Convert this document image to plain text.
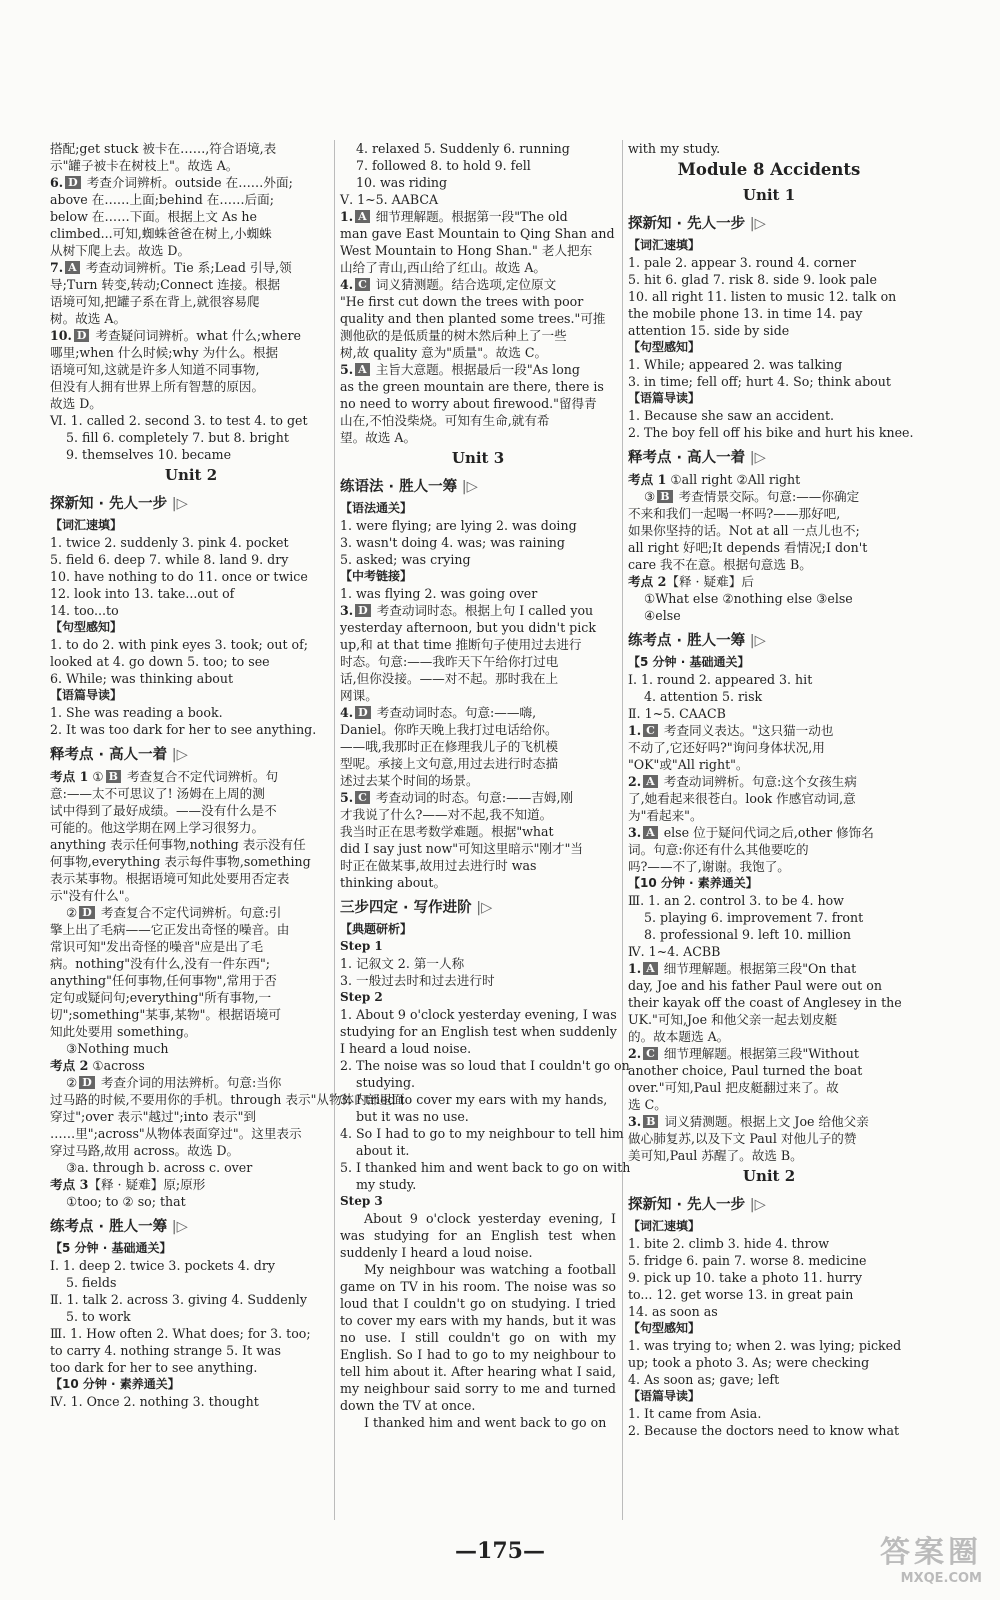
搭配;get stuck 被卡在……,符合语境,表
示"罐子被卡在树枝上"。故选 A。
6. D 考查介词辨析。outside 在……外面;
above 在……上面;behind 在……后面;
below 在……下面。根据上文 As he
climbed...可知,蜘蛛爸爸在树上,小蜘蛛
从树下爬上去。故选 D。
7. A 考查动词辨析。Tie 系;Lead 引导,领
导;Turn 转变,转动;Connect 连接。根据
语境可知,把罐子系在背上,就很容易爬
树。故选 A。
10. D 考查疑问词辨析。what 什么;where
哪里;when 什么时候;why 为什么。根据
语境可知,这就是许多人知道不同事物,
但没有人拥有世界上所有智慧的原因。
故选 D。
Ⅵ. 1. called 2. second 3. to test 4. to get
5. fill 6. completely 7. but 8. bright
9. themselves 10. became
Unit 2
探新知 · 先人一步 |▷
【词汇速填】
1. twice 2. suddenly 3. pink 4. pocket
5. field 6. deep 7. while 8. land 9. dry
10. have nothing to do 11. once or twice
12. look into 13. take...out of
14. too...to
【句型感知】
1. to do 2. with pink eyes 3. took; out of;
looked at 4. go down 5. too; to see
6. While; was thinking about
【语篇导读】
1. She was reading a book.
2. It was too dark for her to see anything.
释考点 · 高人一着 |▷
考点 1 ① B 考查复合不定代词辨析。句
意:——太不可思议了! 汤姆在上周的测
试中得到了最好成绩。——没有什么是不
可能的。他这学期在网上学习很努力。
anything 表示任何事物,nothing 表示没有任
何事物,everything 表示每件事物,something
表示某事物。根据语境可知此处要用否定表
示"没有什么"。
② D 考查复合不定代词辨析。句意:引
擎上出了毛病——它正发出奇怪的噪音。由
常识可知"发出奇怪的噪音"应是出了毛
病。nothing"没有什么,没有一件东西";
anything"任何事物,任何事物",常用于否
定句或疑问句;everything"所有事物,一
切";something"某事,某物"。根据语境可
知此处要用 something。
③Nothing much
考点 2 ①across
② D 考查介词的用法辨析。句意:当你
过马路的时候,不要用你的手机。through 表示"从物体内部里面
穿过";over 表示"越过";into 表示"到
……里";across"从物体表面穿过"。这里表示
穿过马路,故用 across。故选 D。
③a. through b. across c. over
考点 3【释 · 疑难】原;原形
①too; to ② so; that
练考点 · 胜人一筹 |▷
【5 分钟 · 基础通关】
Ⅰ. 1. deep 2. twice 3. pockets 4. dry
5. fields
Ⅱ. 1. talk 2. across 3. giving 4. Suddenly
5. to work
Ⅲ. 1. How often 2. What does; for 3. too;
to carry 4. nothing strange 5. It was
too dark for her to see anything.
【10 分钟 · 素养通关】
Ⅳ. 1. Once 2. nothing 3. thought
4. relaxed 5. Suddenly 6. running
7. followed 8. to hold 9. fell
10. was riding
Ⅴ. 1~5. AABCA
1. A 细节理解题。根据第一段"The old
man gave East Mountain to Qing Shan and
West Mountain to Hong Shan." 老人把东
山给了青山,西山给了红山。故选 A。
4. C 词义猜测题。结合选项,定位原文
"He first cut down the trees with poor
quality and then planted some trees."可推
测他砍的是低质量的树木然后种上了一些
树,故 quality 意为"质量"。故选 C。
5. A 主旨大意题。根据最后一段"As long
as the green mountain are there, there is
no need to worry about firewood."留得青
山在,不怕没柴烧。可知有生命,就有希
望。故选 A。
Unit 3
练语法 · 胜人一筹 |▷
【语法通关】
1. were flying; are lying 2. was doing
3. wasn't doing 4. was; was raining
5. asked; was crying
【中考链接】
1. was flying 2. was going over
3. D 考查动词时态。根据上句 I called you
yesterday afternoon, but you didn't pick
up,和 at that time 推断句子使用过去进行
时态。句意:——我昨天下午给你打过电
话,但你没接。——对不起。那时我在上
网课。
4. D 考查动词时态。句意:——嗨,
Daniel。你昨天晚上我打过电话给你。
——哦,我那时正在修理我儿子的飞机模
型呢。承接上文句意,用过去进行时态描
述过去某个时间的场景。
5. C 考查动词的时态。句意:——吉姆,刚
才我说了什么?——对不起,我不知道。
我当时正在思考数学难题。根据"what
did I say just now"可知这里暗示"刚才"当
时正在做某事,故用过去进行时 was
thinking about。
三步四定 · 写作进阶 |▷
【典题研析】
Step 1
1. 记叙文 2. 第一人称
3. 一般过去时和过去进行时
Step 2
1. About 9 o'clock yesterday evening, I was
studying for an English test when suddenly
I heard a loud noise.
2. The noise was so loud that I couldn't go on
studying.
3. I tried to cover my ears with my hands,
but it was no use.
4. So I had to go to my neighbour to tell him
about it.
5. I thanked him and went back to go on with
my study.
Step 3
About 9 o'clock yesterday evening, I was studying for an English test when suddenly I heard a loud noise.
My neighbour was watching a football game on TV in his room. The noise was so loud that I couldn't go on studying. I tried to cover my ears with my hands, but it was no use. I still couldn't go on with my English. So I had to go to my neighbour to tell him about it. After hearing what I said, my neighbour said sorry to me and turned down the TV at once.
I thanked him and went back to go on
with my study.
Module 8 Accidents
Unit 1
探新知 · 先人一步 |▷
【词汇速填】
1. pale 2. appear 3. round 4. corner
5. hit 6. glad 7. risk 8. side 9. look pale
10. all right 11. listen to music 12. talk on
the mobile phone 13. in time 14. pay
attention 15. side by side
【句型感知】
1. While; appeared 2. was talking
3. in time; fell off; hurt 4. So; think about
【语篇导读】
1. Because she saw an accident.
2. The boy fell off his bike and hurt his knee.
释考点 · 高人一着 |▷
考点 1 ①all right ②All right
③ B 考查情景交际。句意:——你确定
不来和我们一起喝一杯吗?——那好吧,
如果你坚持的话。Not at all 一点儿也不;
all right 好吧;It depends 看情况;I don't
care 我不在意。根据句意选 B。
考点 2【释 · 疑难】后
①What else ②nothing else ③else
④else
练考点 · 胜人一筹 |▷
【5 分钟 · 基础通关】
Ⅰ. 1. round 2. appeared 3. hit
4. attention 5. risk
Ⅱ. 1~5. CAACB
1. C 考查同义表达。"这只猫一动也
不动了,它还好吗?"询问身体状况,用
"OK"或"All right"。
2. A 考查动词辨析。句意:这个女孩生病
了,她看起来很苍白。look 作感官动词,意
为"看起来"。
3. A else 位于疑问代词之后,other 修饰名
词。句意:你还有什么其他要吃的
吗?——不了,谢谢。我饱了。
【10 分钟 · 素养通关】
Ⅲ. 1. an 2. control 3. to be 4. how
5. playing 6. improvement 7. front
8. professional 9. left 10. million
Ⅳ. 1~4. ACBB
1. A 细节理解题。根据第三段"On that
day, Joe and his father Paul were out on
their kayak off the coast of Anglesey in the
UK."可知,Joe 和他父亲一起去划皮艇
的。故本题选 A。
2. C 细节理解题。根据第三段"Without
another choice, Paul turned the boat
over."可知,Paul 把皮艇翻过来了。故
选 C。
3. B 词义猜测题。根据上文 Joe 给他父亲
做心肺复苏,以及下文 Paul 对他儿子的赞
美可知,Paul 苏醒了。故选 B。
Unit 2
探新知 · 先人一步 |▷
【词汇速填】
1. bite 2. climb 3. hide 4. throw
5. fridge 6. pain 7. worse 8. medicine
9. pick up 10. take a photo 11. hurry
to... 12. get worse 13. in great pain
14. as soon as
【句型感知】
1. was trying to; when 2. was lying; picked
up; took a photo 3. As; were checking
4. As soon as; gave; left
【语篇导读】
1. It came from Asia.
2. Because the doctors need to know what
—175—	答案圈
MXQE.COM
